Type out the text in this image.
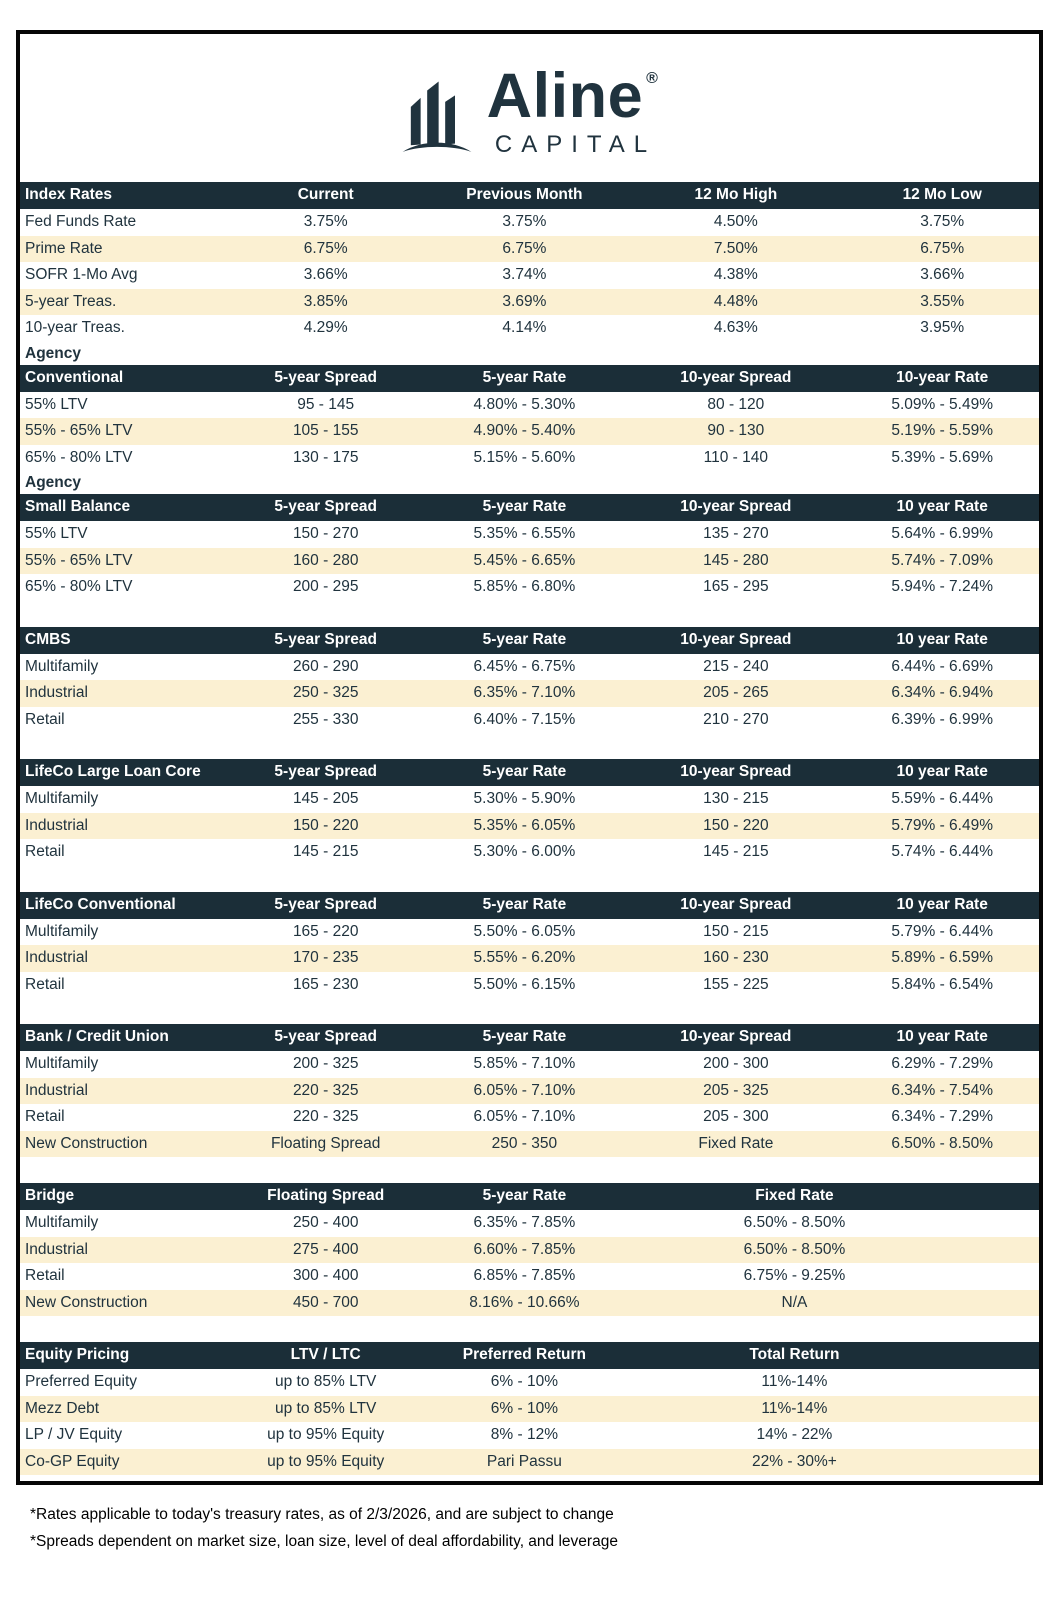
Aline ®
CAPITAL
Index Rates	Current	Previous Month	12 Mo High	12 Mo Low
Fed Funds Rate	3.75%	3.75%	4.50%	3.75%
Prime Rate	6.75%	6.75%	7.50%	6.75%
SOFR 1-Mo Avg	3.66%	3.74%	4.38%	3.66%
5-year Treas.	3.85%	3.69%	4.48%	3.55%
10-year Treas.	4.29%	4.14%	4.63%	3.95%
Agency
Conventional	5-year Spread	5-year Rate	10-year Spread	10-year Rate
55% LTV	95 - 145	4.80% - 5.30%	80 - 120	5.09% - 5.49%
55% - 65% LTV	105 - 155	4.90% - 5.40%	90 - 130	5.19% - 5.59%
65% - 80% LTV	130 - 175	5.15% - 5.60%	110 - 140	5.39% - 5.69%
Agency
Small Balance	5-year Spread	5-year Rate	10-year Spread	10 year Rate
55% LTV	150 - 270	5.35% - 6.55%	135 - 270	5.64% - 6.99%
55% - 65% LTV	160 - 280	5.45% - 6.65%	145 - 280	5.74% - 7.09%
65% - 80% LTV	200 - 295	5.85% - 6.80%	165 - 295	5.94% - 7.24%
CMBS	5-year Spread	5-year Rate	10-year Spread	10 year Rate
Multifamily	260 - 290	6.45% - 6.75%	215 - 240	6.44% - 6.69%
Industrial	250 - 325	6.35% - 7.10%	205 - 265	6.34% - 6.94%
Retail	255 - 330	6.40% - 7.15%	210 - 270	6.39% - 6.99%
LifeCo Large Loan Core	5-year Spread	5-year Rate	10-year Spread	10 year Rate
Multifamily	145 - 205	5.30% - 5.90%	130 - 215	5.59% - 6.44%
Industrial	150 - 220	5.35% - 6.05%	150 - 220	5.79% - 6.49%
Retail	145 - 215	5.30% - 6.00%	145 - 215	5.74% - 6.44%
LifeCo Conventional	5-year Spread	5-year Rate	10-year Spread	10 year Rate
Multifamily	165 - 220	5.50% - 6.05%	150 - 215	5.79% - 6.44%
Industrial	170 - 235	5.55% - 6.20%	160 - 230	5.89% - 6.59%
Retail	165 - 230	5.50% - 6.15%	155 - 225	5.84% - 6.54%
Bank / Credit Union	5-year Spread	5-year Rate	10-year Spread	10 year Rate
Multifamily	200 - 325	5.85% - 7.10%	200 - 300	6.29% - 7.29%
Industrial	220 - 325	6.05% - 7.10%	205 - 325	6.34% - 7.54%
Retail	220 - 325	6.05% - 7.10%	205 - 300	6.34% - 7.29%
New Construction	Floating Spread	250 - 350	Fixed Rate	6.50% - 8.50%
Bridge	Floating Spread	5-year Rate	Fixed Rate
Multifamily	250 - 400	6.35% - 7.85%	6.50% - 8.50%
Industrial	275 - 400	6.60% - 7.85%	6.50% - 8.50%
Retail	300 - 400	6.85% - 7.85%	6.75% - 9.25%
New Construction	450 - 700	8.16% - 10.66%	N/A
Equity Pricing	LTV / LTC	Preferred Return	Total Return
Preferred Equity	up to 85% LTV	6% - 10%	11%-14%
Mezz Debt	up to 85% LTV	6% - 10%	11%-14%
LP / JV Equity	up to 95% Equity	8% - 12%	14% - 22%
Co-GP Equity	up to 95% Equity	Pari Passu	22% - 30%+
*Rates applicable to today's treasury rates, as of 2/3/2026, and are subject to change
*Spreads dependent on market size, loan size, level of deal affordability, and leverage
